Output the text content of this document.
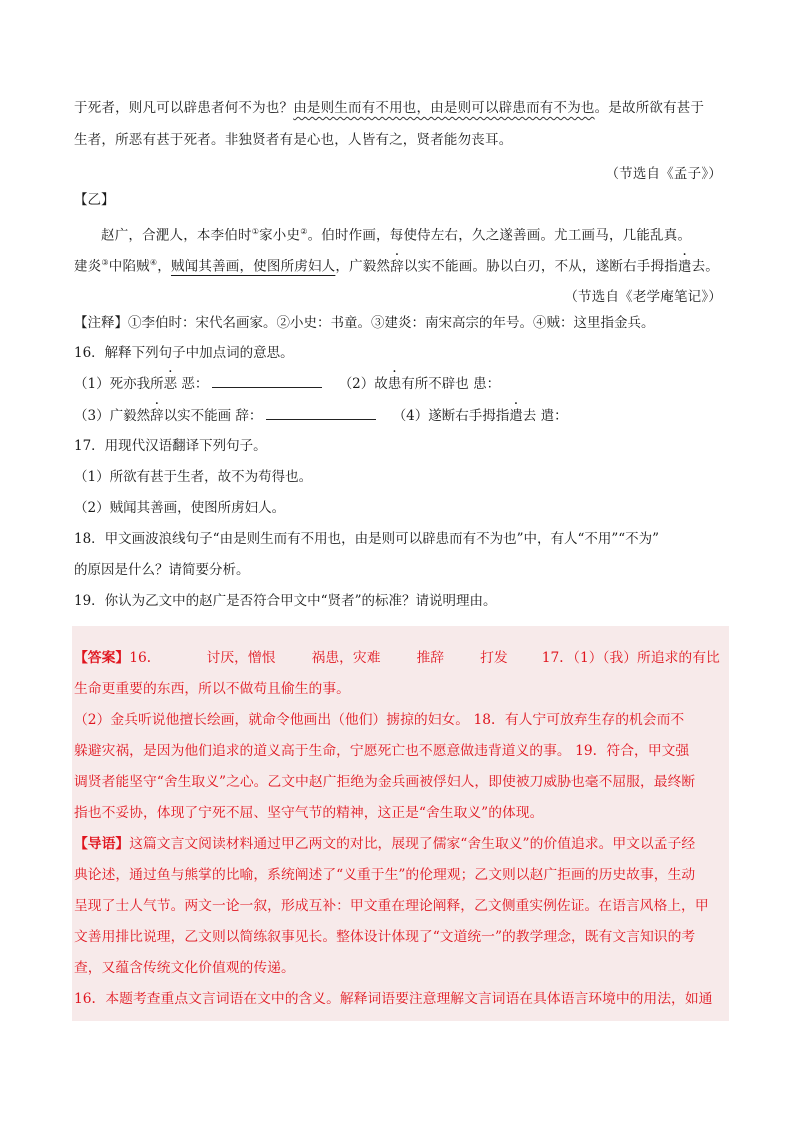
于死者，则凡可以辟患者何不为也？由是则生而有不用也，由是则可以辟患而有不为也。是故所欲有甚于
生者，所恶有甚于死者。非独贤者有是心也，人皆有之，贤者能勿丧耳。
（节选自《孟子》）
【乙】
赵广，合淝人，本李伯时①家小史②。伯时作画，每使侍左右，久之遂善画。尤工画马，几能乱真。
建炎③中陷贼④，贼闻其善画，使图所虏妇人，广毅然辞以实不能画。胁以白刃，不从，遂断右手拇指遣去。
（节选自《老学庵笔记》）
【注释】①李伯时：宋代名画家。②小史：书童。③建炎：南宋高宗的年号。④贼：这里指金兵。
16．解释下列句子中加点词的意思。
（1）死亦我所恶 恶：	（2）故患有所不辟也 患：
（3）广毅然辞以实不能画 辞：	（4）遂断右手拇指遣去 遣：
17．用现代汉语翻译下列句子。
（1）所欲有甚于生者，故不为苟得也。
（2）贼闻其善画，使图所虏妇人。
18．甲文画波浪线句子“由是则生而有不用也，由是则可以辟患而有不为也”中，有人“不用”“不为”
的原因是什么？请简要分析。
19．你认为乙文中的赵广是否符合甲文中“贤者”的标准？请说明理由。
【答案】16．	讨厌，憎恨	祸患，灾难	推辞	打发 17．（1）（我）所追求的有比
生命更重要的东西，所以不做苟且偷生的事。
（2）金兵听说他擅长绘画，就命令他画出（他们）掳掠的妇女。 18．有人宁可放弃生存的机会而不
躲避灾祸，是因为他们追求的道义高于生命，宁愿死亡也不愿意做违背道义的事。 19．符合，甲文强
调贤者能坚守“舍生取义”之心。乙文中赵广拒绝为金兵画被俘妇人，即使被刀威胁也毫不屈服，最终断
指也不妥协，体现了宁死不屈、坚守气节的精神，这正是“舍生取义”的体现。
【导语】这篇文言文阅读材料通过甲乙两文的对比，展现了儒家“舍生取义”的价值追求。甲文以孟子经
典论述，通过鱼与熊掌的比喻，系统阐述了“义重于生”的伦理观；乙文则以赵广拒画的历史故事，生动
呈现了士人气节。两文一论一叙，形成互补：甲文重在理论阐释，乙文侧重实例佐证。在语言风格上，甲
文善用排比说理，乙文则以简练叙事见长。整体设计体现了“文道统一”的教学理念，既有文言知识的考
查，又蕴含传统文化价值观的传递。
16．本题考查重点文言词语在文中的含义。解释词语要注意理解文言词语在具体语言环境中的用法，如通
